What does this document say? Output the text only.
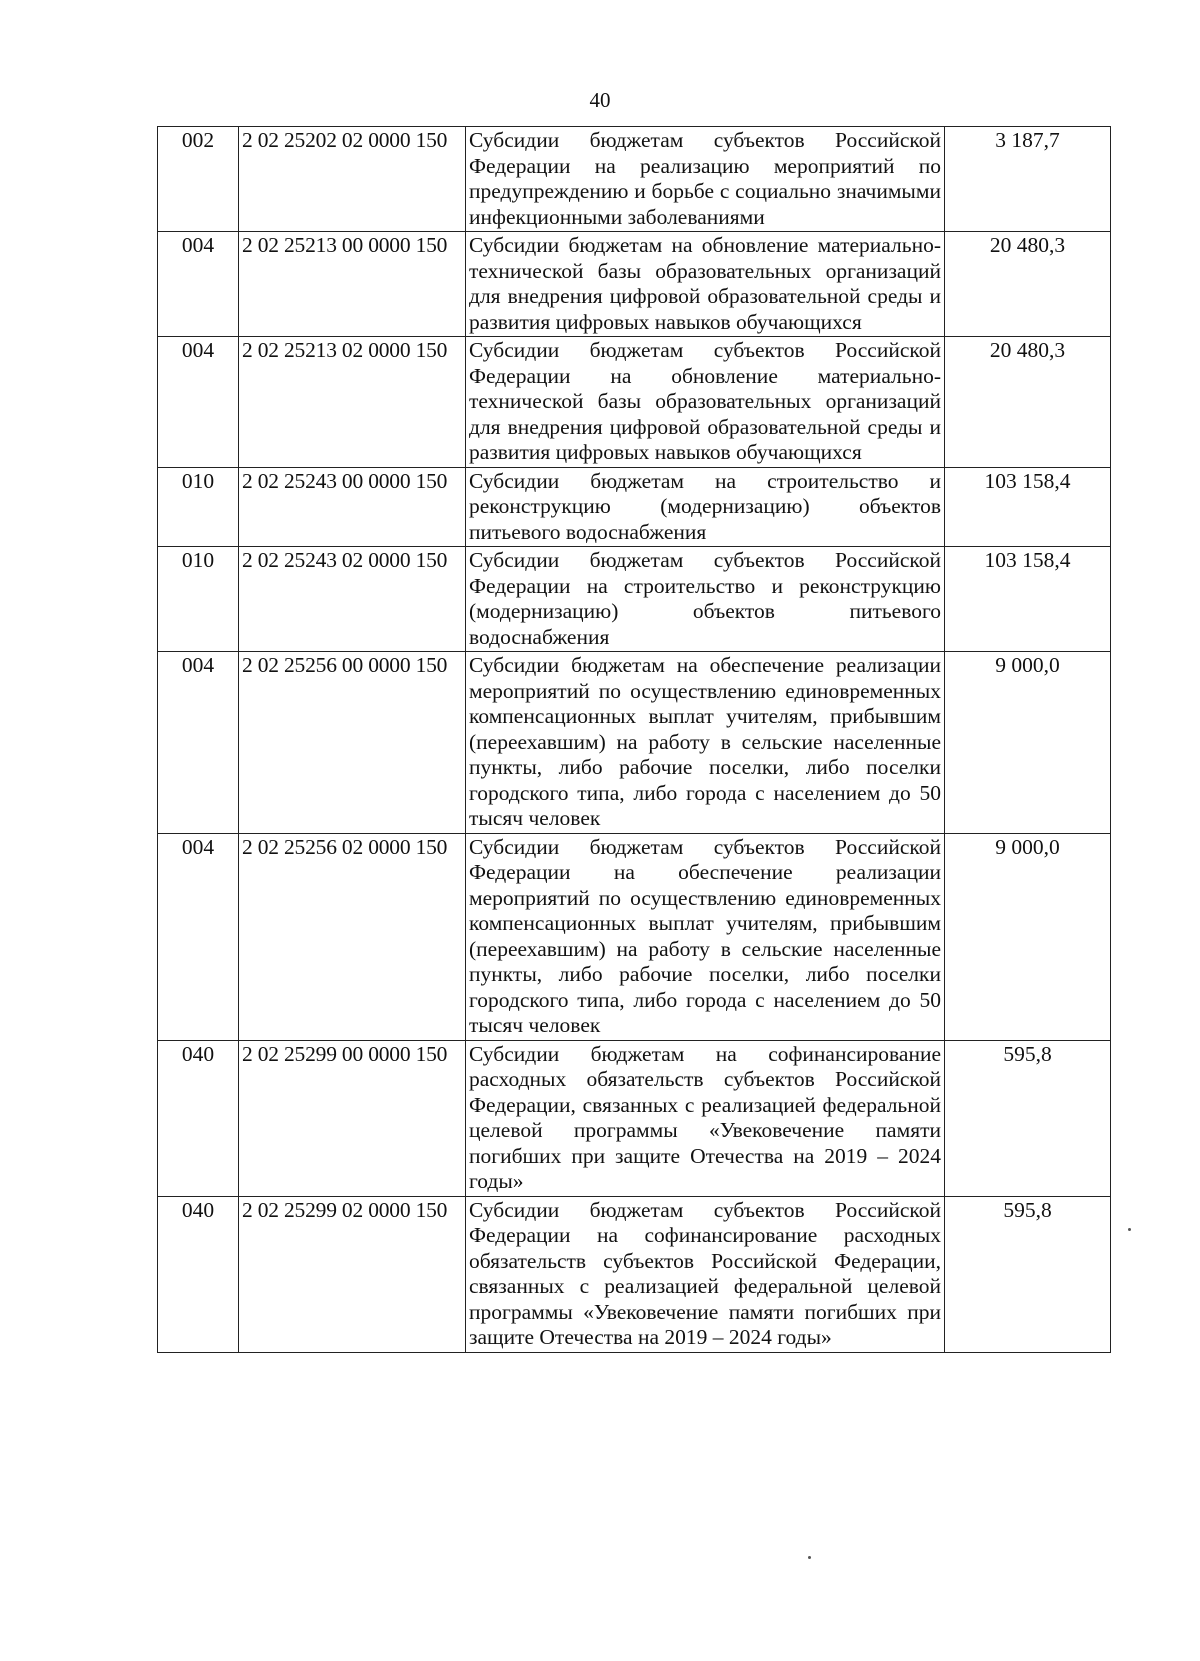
40
002	2 02 25202 02 0000 150	Субсидии бюджетам субъектов Российской Федерации на реализацию мероприятий по предупреждению и борьбе с социально значимыми инфекционными заболеваниями	3 187,7
004	2 02 25213 00 0000 150	Субсидии бюджетам на обновление материально-технической базы образовательных организаций для внедрения цифровой образовательной среды и развития цифровых навыков обучающихся	20 480,3
004	2 02 25213 02 0000 150	Субсидии бюджетам субъектов Российской Федерации на обновление материально-технической базы образовательных организаций для внедрения цифровой образовательной среды и развития цифровых навыков обучающихся	20 480,3
010	2 02 25243 00 0000 150	Субсидии бюджетам на строительство и реконструкцию (модернизацию) объектов питьевого водоснабжения	103 158,4
010	2 02 25243 02 0000 150	Субсидии бюджетам субъектов Российской Федерации на строительство и реконструкцию (модернизацию) объектов питьевого водоснабжения	103 158,4
004	2 02 25256 00 0000 150	Субсидии бюджетам на обеспечение реализации мероприятий по осуществлению единовременных компенсационных выплат учителям, прибывшим (переехавшим) на работу в сельские населенные пункты, либо рабочие поселки, либо поселки городского типа, либо города с населением до 50 тысяч человек	9 000,0
004	2 02 25256 02 0000 150	Субсидии бюджетам субъектов Российской Федерации на обеспечение реализации мероприятий по осуществлению единовременных компенсационных выплат учителям, прибывшим (переехавшим) на работу в сельские населенные пункты, либо рабочие поселки, либо поселки городского типа, либо города с населением до 50 тысяч человек	9 000,0
040	2 02 25299 00 0000 150	Субсидии бюджетам на софинансирование расходных обязательств субъектов Российской Федерации, связанных с реализацией федеральной целевой программы «Увековечение памяти погибших при защите Отечества на 2019 – 2024 годы»	595,8
040	2 02 25299 02 0000 150	Субсидии бюджетам субъектов Российской Федерации на софинансирование расходных обязательств субъектов Российской Федерации, связанных с реализацией федеральной целевой программы «Увековечение памяти погибших при защите Отечества на 2019 – 2024 годы»	595,8
